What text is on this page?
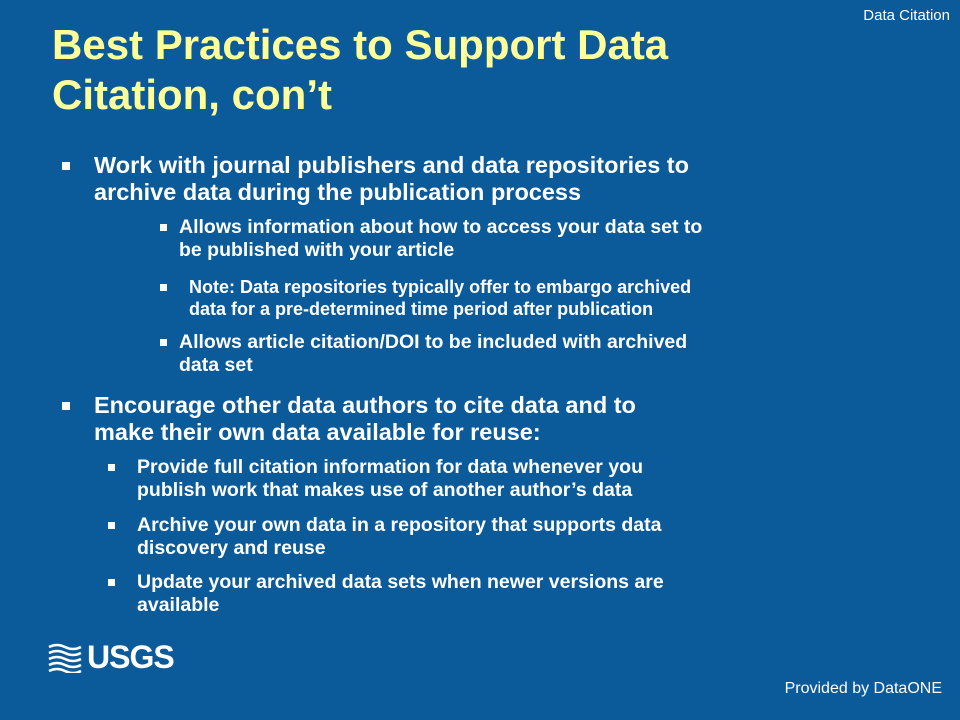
Data Citation
Best Practices to Support Data
Citation, con’t
Work with journal publishers and data repositories to
archive data during the publication process
Allows information about how to access your data set to
be published with your article
Note: Data repositories typically offer to embargo archived
data for a pre-determined time period after publication
Allows article citation/DOI to be included with archived
data set
Encourage other data authors to cite data and to
make their own data available for reuse:
Provide full citation information for data whenever you
publish work that makes use of another author’s data
Archive your own data in a repository that supports data
discovery and reuse
Update your archived data sets when newer versions are
available
USGS
Provided by DataONE
